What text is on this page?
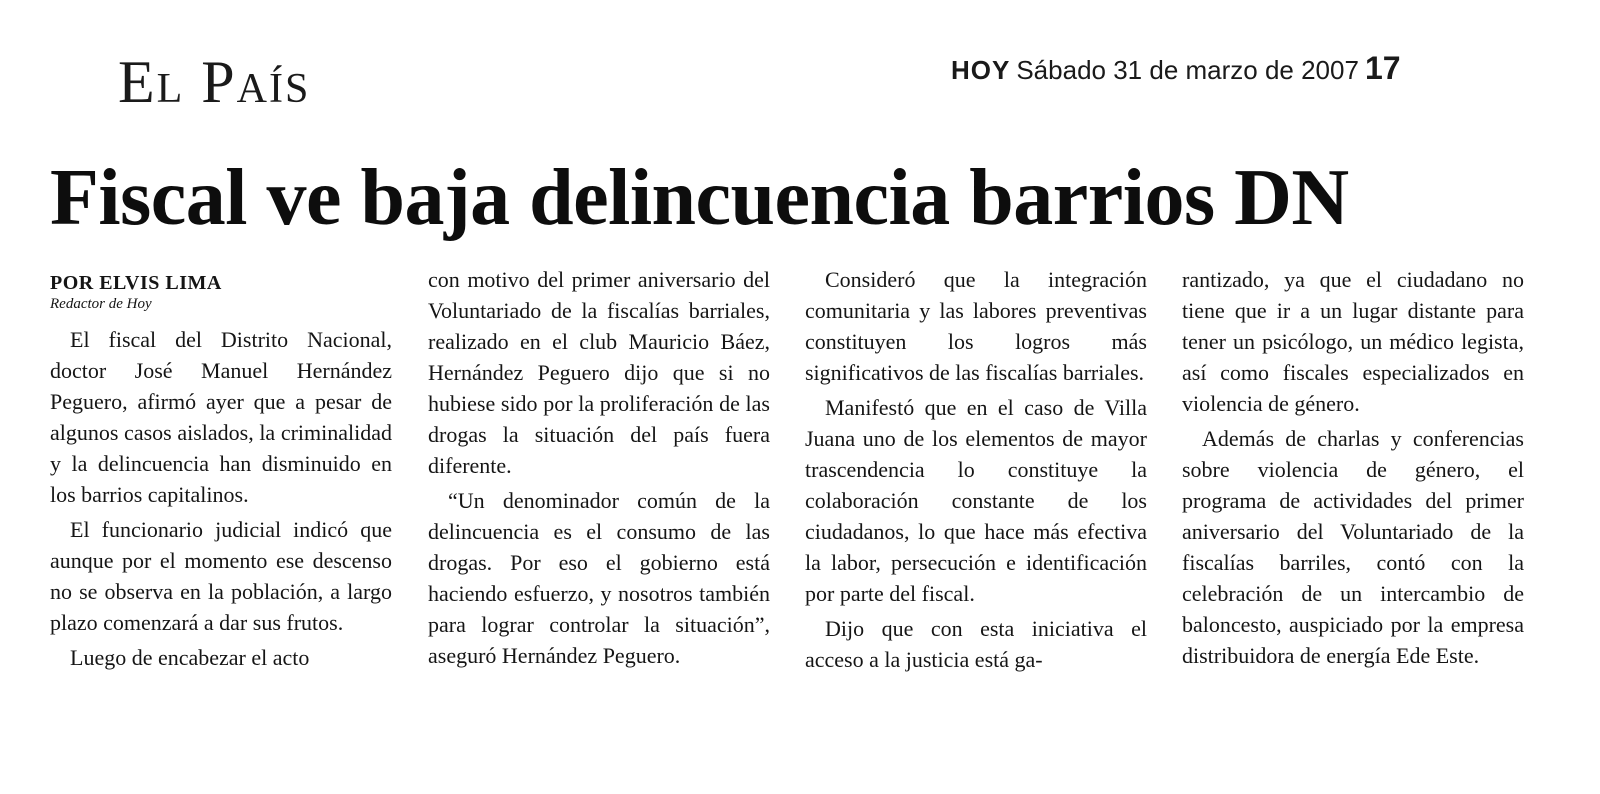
El País	HOY Sábado 31 de marzo de 2007 17
Fiscal ve baja delincuencia barrios DN
POR ELVIS LIMA
Redactor de Hoy

El fiscal del Distrito Nacional, doctor José Manuel Hernández Peguero, afirmó ayer que a pesar de algunos casos aislados, la criminalidad y la delincuencia han disminuido en los barrios capitalinos.

El funcionario judicial indicó que aunque por el momento ese descenso no se observa en la población, a largo plazo comenzará a dar sus frutos.

Luego de encabezar el acto

con motivo del primer aniversario del Voluntariado de la fiscalías barriales, realizado en el club Mauricio Báez, Hernández Peguero dijo que si no hubiese sido por la proliferación de las drogas la situación del país fuera diferente.

“Un denominador común de la delincuencia es el consumo de las drogas. Por eso el gobierno está haciendo esfuerzo, y nosotros también para lograr controlar la situación”, aseguró Hernández Peguero.

Consideró que la integración comunitaria y las labores preventivas constituyen los logros más significativos de las fiscalías barriales.

Manifestó que en el caso de Villa Juana uno de los elementos de mayor trascendencia lo constituye la colaboración constante de los ciudadanos, lo que hace más efectiva la labor, persecución e identificación por parte del fiscal.

Dijo que con esta iniciativa el acceso a la justicia está ga-

rantizado, ya que el ciudadano no tiene que ir a un lugar distante para tener un psicólogo, un médico legista, así como fiscales especializados en violencia de género.

Además de charlas y conferencias sobre violencia de género, el programa de actividades del primer aniversario del Voluntariado de la fiscalías barriles, contó con la celebración de un intercambio de baloncesto, auspiciado por la empresa distribuidora de energía Ede Este.
